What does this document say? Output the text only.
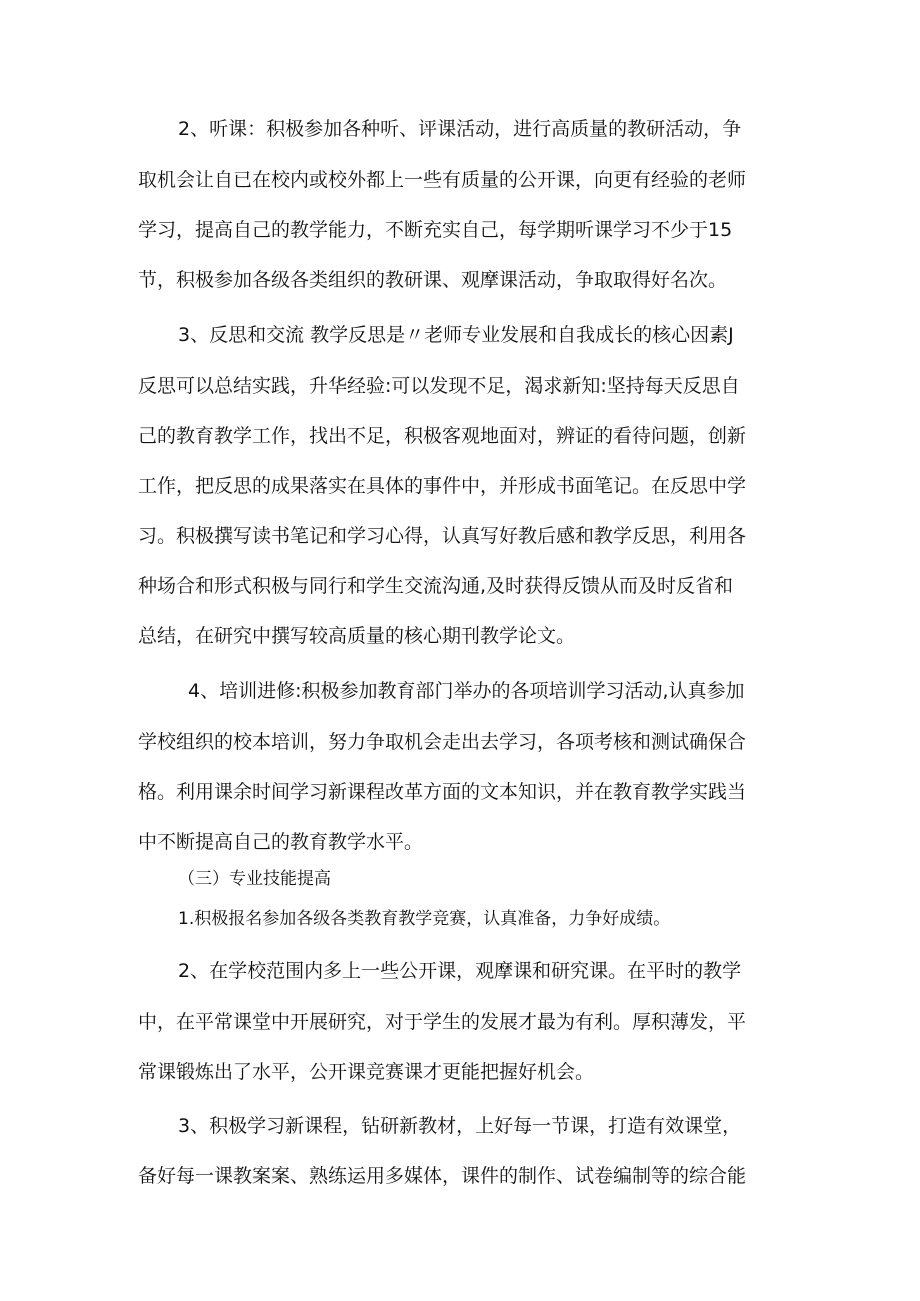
2、听课：积极参加各种听、评课活动，进行高质量的教研活动，争
取机会让自已在校内或校外都上一些有质量的公开课，向更有经验的老师
学习，提高自己的教学能力，不断充实自己，每学期听课学习不少于15
节，积极参加各级各类组织的教研课、观摩课活动，争取取得好名次。
3、反思和交流 教学反思是〃老师专业发展和自我成长的核心因素J
反思可以总结实践，升华经验:可以发现不足，渴求新知:坚持每天反思自
己的教育教学工作，找出不足，积极客观地面对，辨证的看待问题，创新
工作，把反思的成果落实在具体的事件中，并形成书面笔记。在反思中学
习。积极撰写读书笔记和学习心得，认真写好教后感和教学反思，利用各
种场合和形式积极与同行和学生交流沟通,及时获得反馈从而及时反省和
总结，在研究中撰写较高质量的核心期刊教学论文。
4、培训进修:积极参加教育部门举办的各项培训学习活动,认真参加
学校组织的校本培训，努力争取机会走出去学习，各项考核和测试确保合
格。利用课余时间学习新课程改革方面的文本知识，并在教育教学实践当
中不断提高自己的教育教学水平。
（三）专业技能提高
1.积极报名参加各级各类教育教学竞赛，认真准备，力争好成绩。
2、在学校范围内多上一些公开课，观摩课和研究课。在平时的教学
中，在平常课堂中开展研究，对于学生的发展才最为有利。厚积薄发，平
常课锻炼出了水平，公开课竞赛课才更能把握好机会。
3、积极学习新课程，钻研新教材，上好每一节课，打造有效课堂，
备好每一课教案案、熟练运用多媒体，课件的制作、试卷编制等的综合能
